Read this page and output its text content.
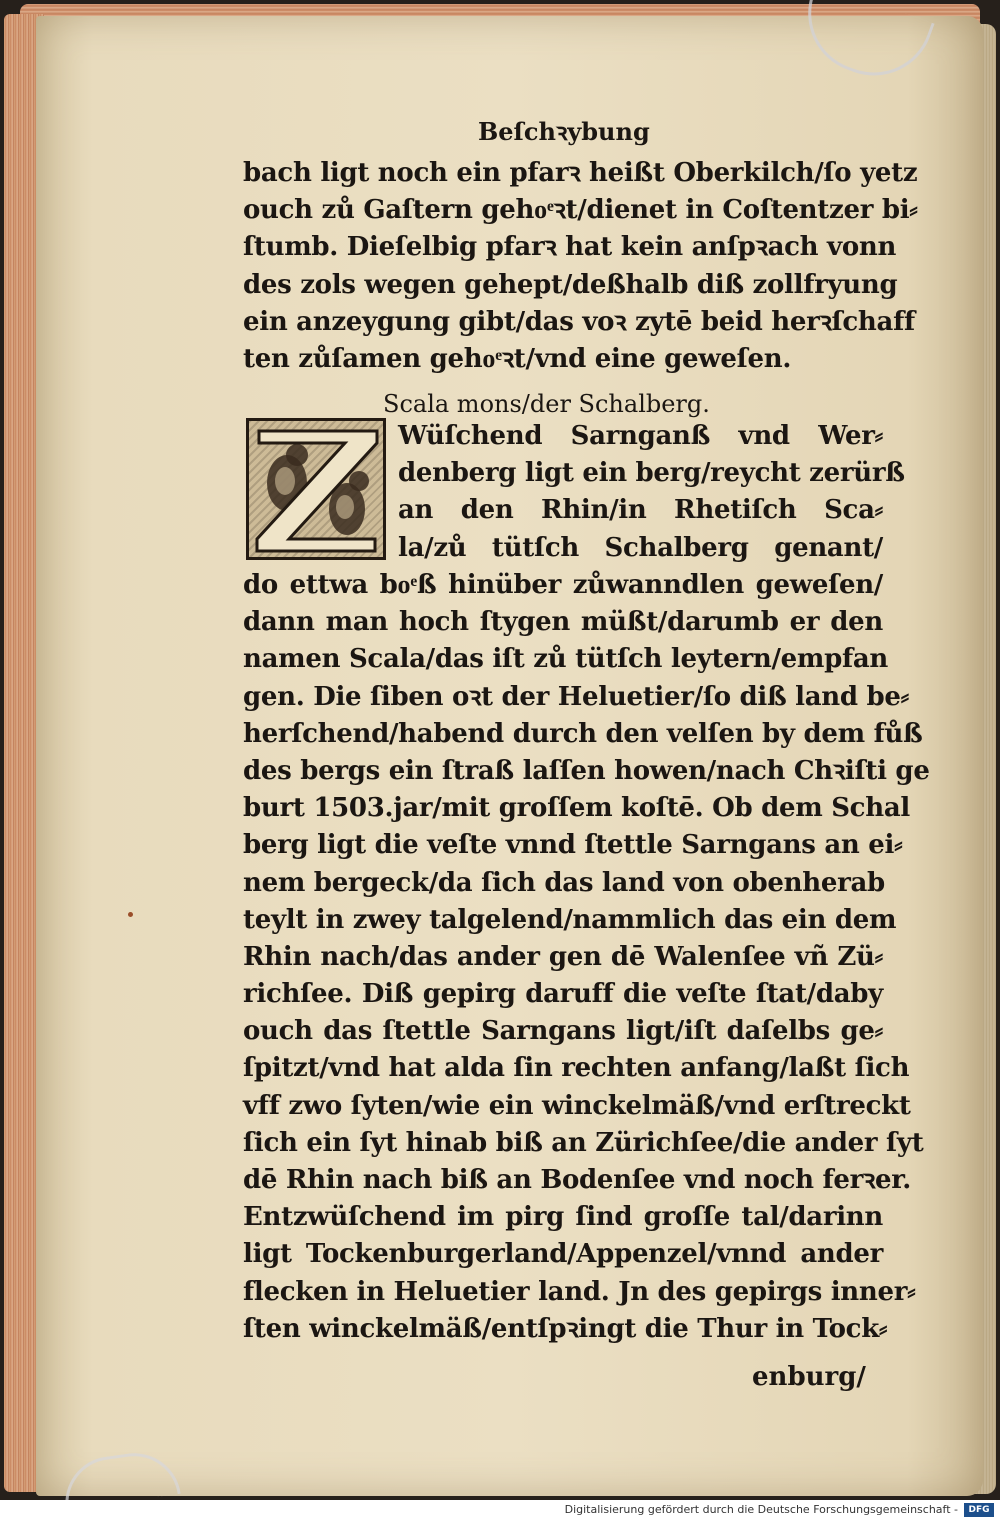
Beſchꝛybung
bach ligt noch ein pfarꝛ heißt Oberkilch/ſo yetz
ouch zů Gaſtern gehoͤꝛt/dienet in Coſtentzer bi⸗
ſtumb. Dieſelbig pfarꝛ hat kein anſpꝛach vonn
des zols wegen gehept/deßhalb diß zollfryung
ein anzeygung gibt/das voꝛ zytē beid herꝛſchaff
ten zůſamen gehoͤꝛt/vnd eine geweſen.
Scala mons/der Schalberg.
Wüſchend Sarnganß vnd Wer⸗
denberg ligt ein berg/reycht zerürß
an den Rhin/in Rhetiſch Sca⸗
la/zů tütſch Schalberg genant/
do ettwa boͤß hinüber zůwanndlen geweſen/
dann man hoch ſtygen müßt/darumb er den
namen Scala/das iſt zů tütſch leytern/empfan
gen. Die ſiben oꝛt der Heluetier/ſo diß land be⸗
herſchend/habend durch den velſen by dem fůß
des bergs ein ſtraß laſſen howen/nach Chꝛiſti ge
burt 1503.jar/mit groſſem koſtē. Ob dem Schal
berg ligt die veſte vnnd ſtettle Sarngans an ei⸗
nem bergeck/da ſich das land von obenherab
teylt in zwey talgelend/nammlich das ein dem
Rhin nach/das ander gen dē Walenſee vñ Zü⸗
richſee. Diß gepirg daruff die veſte ſtat/daby
ouch das ſtettle Sarngans ligt/iſt daſelbs ge⸗
ſpitzt/vnd hat alda ſin rechten anfang/laßt ſich
vff zwo ſyten/wie ein winckelmäß/vnd erſtreckt
ſich ein ſyt hinab biß an Zürichſee/die ander ſyt
dē Rhin nach biß an Bodenſee vnd noch ferꝛer.
Entzwüſchend im pirg ſind groſſe tal/darinn
ligt Tockenburgerland/Appenzel/vnnd ander
flecken in Heluetier land. Jn des gepirgs inner⸗
ſten winckelmäß/entſpꝛingt die Thur in Tock⸗
enburg/
Digitalisierung gefördert durch die Deutsche Forschungsgemeinschaft -	DFG
